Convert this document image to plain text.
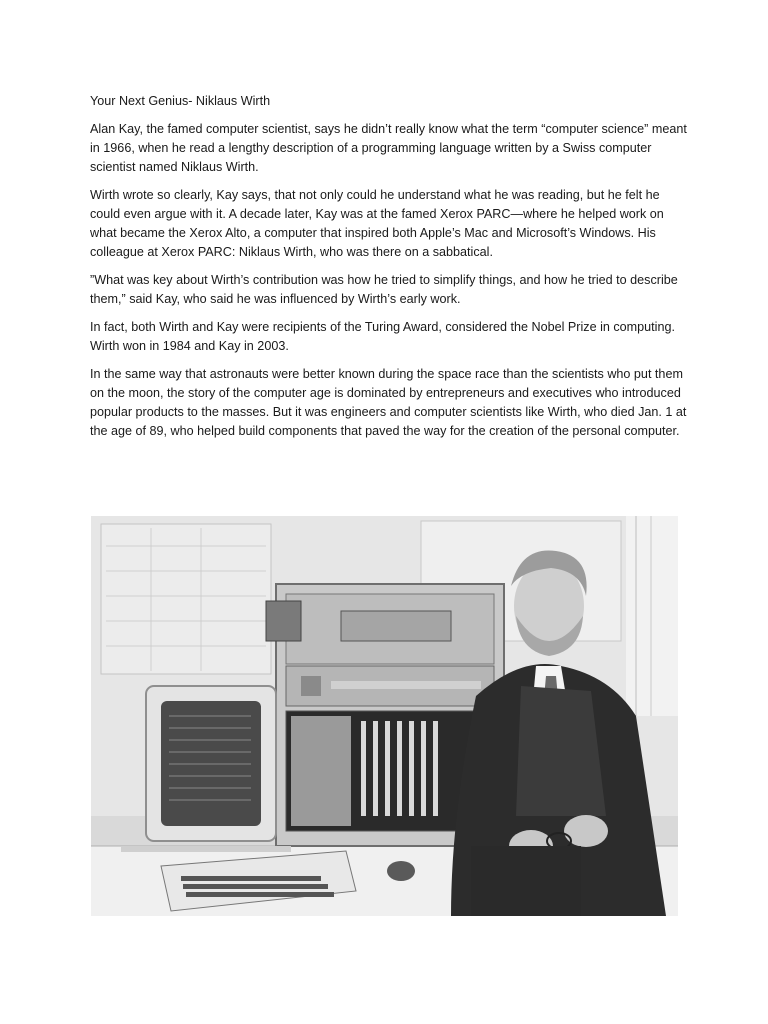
Your Next Genius- Niklaus Wirth

Alan Kay, the famed computer scientist, says he didn’t really know what the term “computer science” meant in 1966, when he read a lengthy description of a programming language written by a Swiss computer scientist named Niklaus Wirth.

Wirth wrote so clearly, Kay says, that not only could he understand what he was reading, but he felt he could even argue with it. A decade later, Kay was at the famed Xerox PARC—where he helped work on what became the Xerox Alto, a computer that inspired both Apple’s Mac and Microsoft’s Windows. His colleague at Xerox PARC: Niklaus Wirth, who was there on a sabbatical.

”What was key about Wirth’s contribution was how he tried to simplify things, and how he tried to describe them,” said Kay, who said he was influenced by Wirth’s early work.

In fact, both Wirth and Kay were recipients of the Turing Award, considered the Nobel Prize in computing. Wirth won in 1984 and Kay in 2003.

In the same way that astronauts were better known during the space race than the scientists who put them on the moon, the story of the computer age is dominated by entrepreneurs and executives who introduced popular products to the masses. But it was engineers and computer scientists like Wirth, who died Jan. 1 at the age of 89, who helped build components that paved the way for the creation of the personal computer.
